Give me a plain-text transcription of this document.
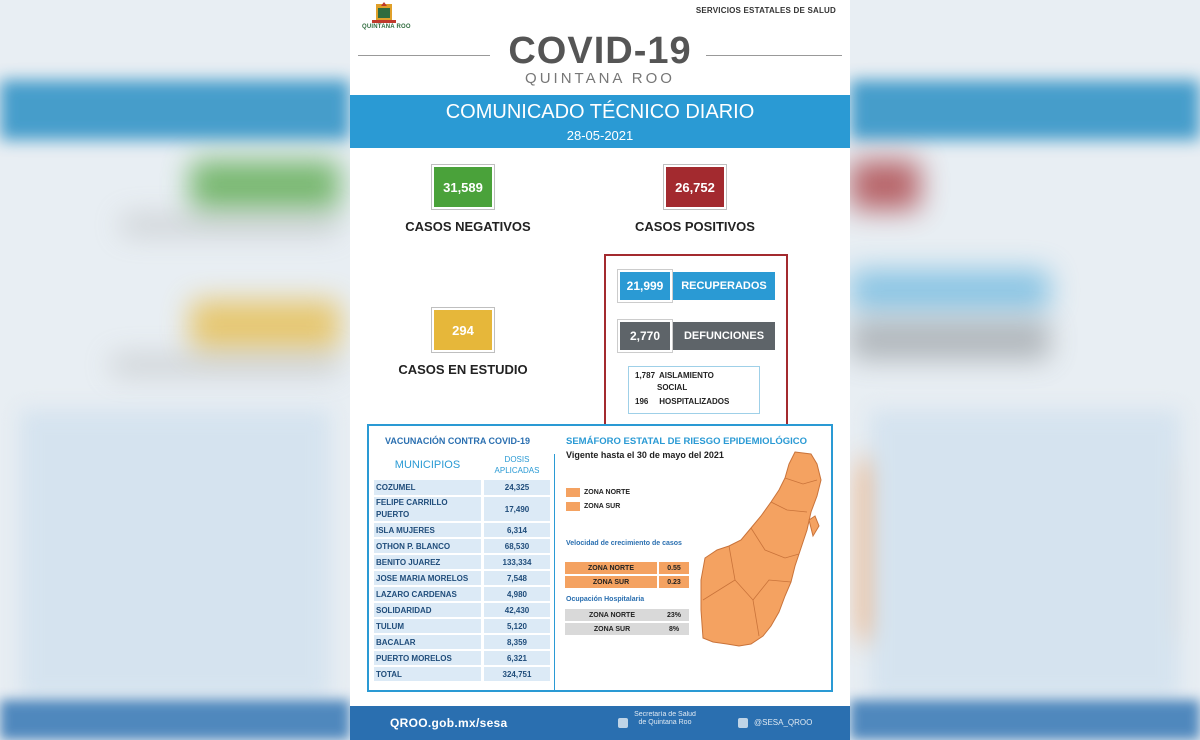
QUINTANA ROO
SERVICIOS ESTATALES DE SALUD
COVID-19
QUINTANA ROO
COMUNICADO TÉCNICO DIARIO
28-05-2021
31,589
CASOS NEGATIVOS
26,752
CASOS POSITIVOS
294
CASOS EN ESTUDIO
21,999	RECUPERADOS
2,770	DEFUNCIONES
1,787 AISLAMIENTO
SOCIAL
196 HOSPITALIZADOS
VACUNACIÓN CONTRA COVID-19
MUNICIPIOS	DOSIS
APLICADAS

COZUMEL	24,325
FELIPE CARRILLO PUERTO	17,490
ISLA MUJERES	6,314
OTHON P. BLANCO	68,530
BENITO JUAREZ	133,334
JOSE MARIA MORELOS	7,548
LAZARO CARDENAS	4,980
SOLIDARIDAD	42,430
TULUM	5,120
BACALAR	8,359
PUERTO MORELOS	6,321
TOTAL	324,751
SEMÁFORO ESTATAL DE RIESGO EPIDEMIOLÓGICO
Vigente hasta el 30 de mayo del 2021
ZONA NORTE
ZONA SUR
Velocidad de crecimiento de casos
ZONA NORTE	0.55
ZONA SUR	0.23
Ocupación Hospitalaria
ZONA NORTE	23%
ZONA SUR	8%
QROO.gob.mx/sesa
Secretaría de Salud
de Quintana Roo	@SESA_QROO
